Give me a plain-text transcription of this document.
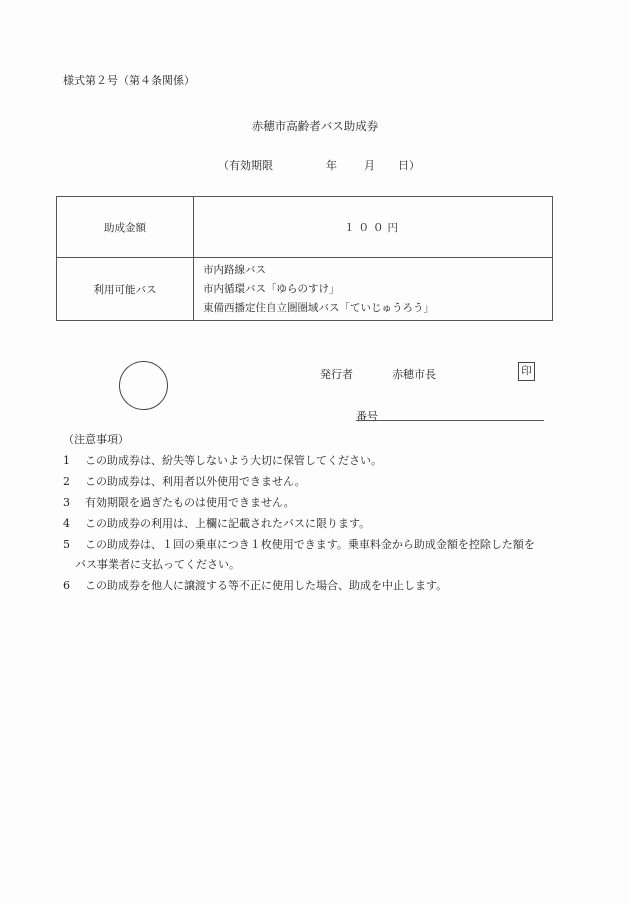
様式第２号（第４条関係）
赤穂市高齢者バス助成券
（有効期限	年 月 日）
助成金額	１００円
利用可能バス	市内路線バス
市内循環バス「ゆらのすけ」
東備西播定住自立圏圏域バス「ていじゅうろう」
発行者	赤穂市長	印
番号
（注意事項）
1 この助成券は、紛失等しないよう大切に保管してください。
2 この助成券は、利用者以外使用できません。
3 有効期限を過ぎたものは使用できません。
4 この助成券の利用は、上欄に記載されたバスに限ります。
5 この助成券は、１回の乗車につき１枚使用できます。乗車料金から助成金額を控除した額を
バス事業者に支払ってください。
6 この助成券を他人に譲渡する等不正に使用した場合、助成を中止します。
